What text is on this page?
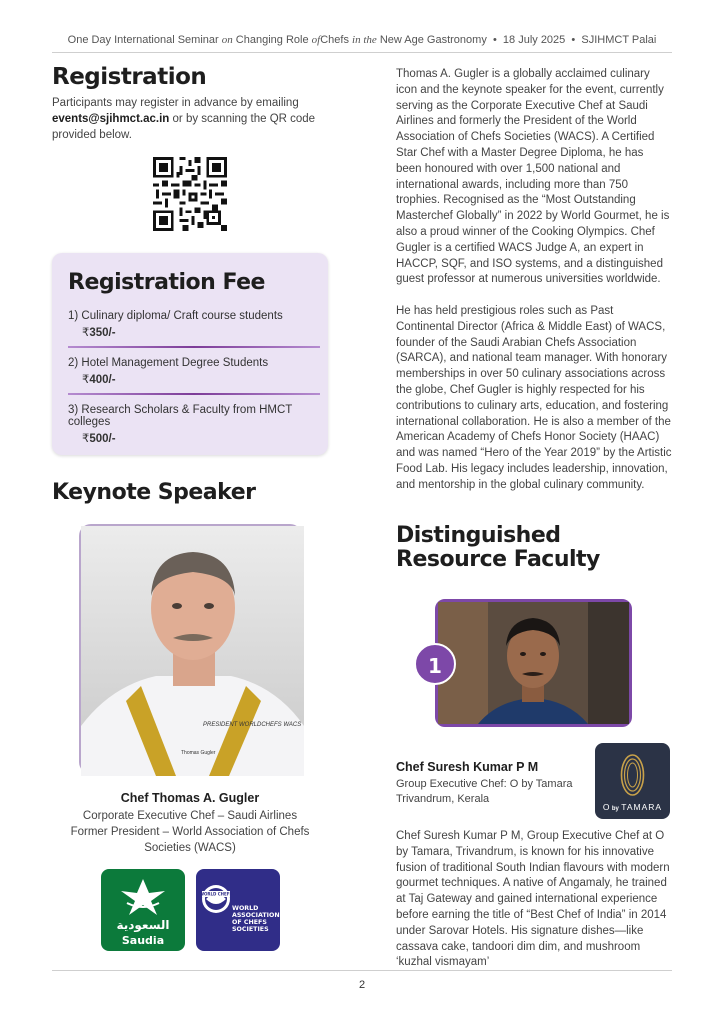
One Day International Seminar on Changing Role ofChefs in the New Age Gastronomy  •  18 July 2025  •  SJIHMCT Palai
Registration
Participants may register in advance by emailing events@sjihmct.ac.in or by scanning the QR code provided below.
Registration Fee
1) Culinary diploma/ Craft course students
₹350/-
2) Hotel Management Degree Students
₹400/-
3) Research Scholars & Faculty from HMCT colleges
₹500/-
Keynote Speaker
PRESIDENT WORLDCHEFS WACS
Thomas Gugler
Chef Thomas A. Gugler
Corporate Executive Chef – Saudi Airlines
Former President – World Association of Chefs Societies (WACS)
السعودية
Saudia
WORLD CHEFS
WORLD ASSOCIATION OF CHEFS SOCIETIES

Thomas A. Gugler is a globally acclaimed culinary icon and the keynote speaker for the event, currently serving as the Corporate Executive Chef at Saudi Airlines and formerly the President of the World Association of Chefs Societies (WACS). A Certified Star Chef with a Master Degree Diploma, he has been honoured with over 1,500 national and international awards, including more than 750 trophies. Recognised as the “Most Outstanding Masterchef Globally” in 2022 by World Gourmet, he is also a proud winner of the Cooking Olympics. Chef Gugler is a certified WACS Judge A, an expert in HACCP, SQF, and ISO systems, and a distinguished guest professor at numerous universities worldwide.

He has held prestigious roles such as Past Continental Director (Africa & Middle East) of WACS, founder of the Saudi Arabian Chefs Association (SARCA), and national team manager. With honorary memberships in over 50 culinary associations across the globe, Chef Gugler is highly respected for his contributions to culinary arts, education, and fostering international collaboration. He is also a member of the American Academy of Chefs Honor Society (HAAC) and was named “Hero of the Year 2019” by the Artistic Food Lab. His legacy includes leadership, innovation, and mentorship in the global culinary community.

Distinguished Resource Faculty
1
Chef Suresh Kumar P M
Group Executive Chef: O by Tamara
Trivandrum, Kerala
O
O by TAMARA

Chef Suresh Kumar P M, Group Executive Chef at O by Tamara, Trivandrum, is known for his innovative fusion of traditional South Indian flavours with modern gourmet techniques. A native of Angamaly, he trained at Taj Gateway and gained international experience before earning the title of “Best Chef of India” in 2014 under Sarovar Hotels. His signature dishes—like cassava cake, tandoori dim dim, and mushroom ‘kuzhal vismayam’

2
